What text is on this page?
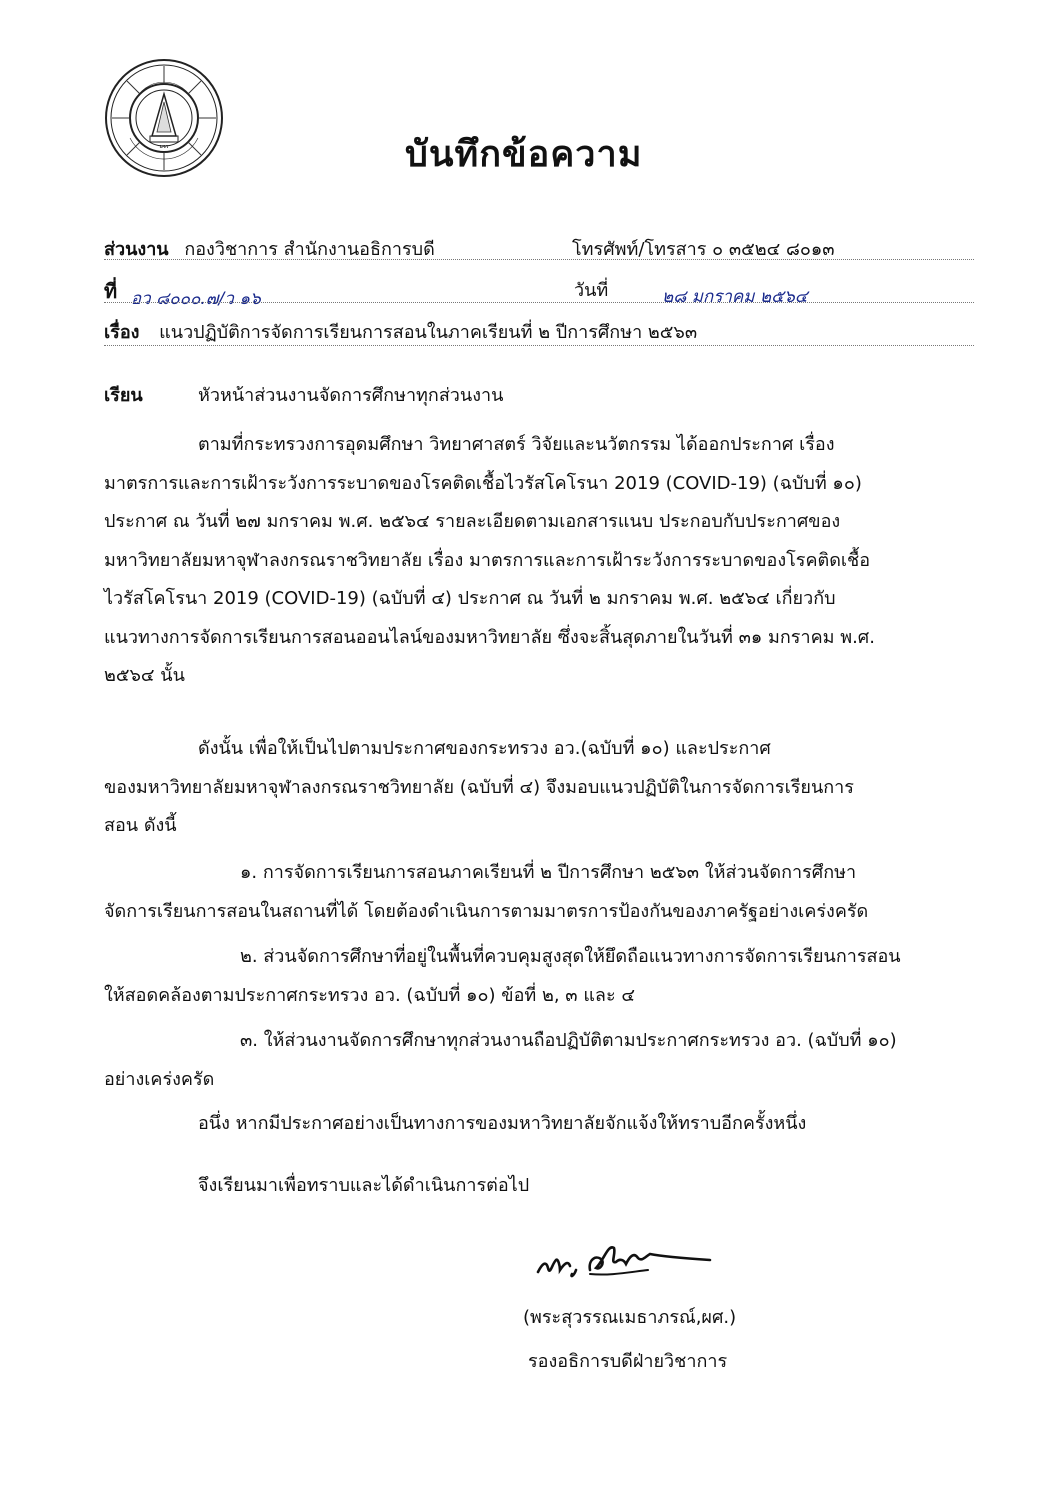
มจร	บันทึกข้อความ
ส่วนงาน กองวิชาการ สำนักงานอธิการบดี	โทรศัพท์/โทรสาร ๐ ๓๕๒๔ ๘๐๑๓
ที่ อว ๘๐๐๐.๗/ว ๑๖	วันที่	๒๘ มกราคม ๒๕๖๔
เรื่อง แนวปฏิบัติการจัดการเรียนการสอนในภาคเรียนที่ ๒ ปีการศึกษา ๒๕๖๓
เรียน	หัวหน้าส่วนงานจัดการศึกษาทุกส่วนงาน
ตามที่กระทรวงการอุดมศึกษา วิทยาศาสตร์ วิจัยและนวัตกรรม ได้ออกประกาศ เรื่อง
มาตรการและการเฝ้าระวังการระบาดของโรคติดเชื้อไวรัสโคโรนา 2019 (COVID-19) (ฉบับที่ ๑๐)
ประกาศ ณ วันที่ ๒๗ มกราคม พ.ศ. ๒๕๖๔ รายละเอียดตามเอกสารแนบ ประกอบกับประกาศของ
มหาวิทยาลัยมหาจุฬาลงกรณราชวิทยาลัย เรื่อง มาตรการและการเฝ้าระวังการระบาดของโรคติดเชื้อ
ไวรัสโคโรนา 2019 (COVID-19) (ฉบับที่ ๔) ประกาศ ณ วันที่ ๒ มกราคม พ.ศ. ๒๕๖๔ เกี่ยวกับ
แนวทางการจัดการเรียนการสอนออนไลน์ของมหาวิทยาลัย ซึ่งจะสิ้นสุดภายในวันที่ ๓๑ มกราคม พ.ศ.
๒๕๖๔ นั้น
ดังนั้น เพื่อให้เป็นไปตามประกาศของกระทรวง อว.(ฉบับที่ ๑๐) และประกาศ
ของมหาวิทยาลัยมหาจุฬาลงกรณราชวิทยาลัย (ฉบับที่ ๔) จึงมอบแนวปฏิบัติในการจัดการเรียนการ
สอน ดังนี้
๑. การจัดการเรียนการสอนภาคเรียนที่ ๒ ปีการศึกษา ๒๕๖๓ ให้ส่วนจัดการศึกษา
จัดการเรียนการสอนในสถานที่ได้ โดยต้องดำเนินการตามมาตรการป้องกันของภาครัฐอย่างเคร่งครัด
๒. ส่วนจัดการศึกษาที่อยู่ในพื้นที่ควบคุมสูงสุดให้ยึดถือแนวทางการจัดการเรียนการสอน
ให้สอดคล้องตามประกาศกระทรวง อว. (ฉบับที่ ๑๐) ข้อที่ ๒, ๓ และ ๔
๓. ให้ส่วนงานจัดการศึกษาทุกส่วนงานถือปฏิบัติตามประกาศกระทรวง อว. (ฉบับที่ ๑๐)
อย่างเคร่งครัด
อนึ่ง หากมีประกาศอย่างเป็นทางการของมหาวิทยาลัยจักแจ้งให้ทราบอีกครั้งหนึ่ง
จึงเรียนมาเพื่อทราบและได้ดำเนินการต่อไป
(พระสุวรรณเมธาภรณ์,ผศ.)
รองอธิการบดีฝ่ายวิชาการ
